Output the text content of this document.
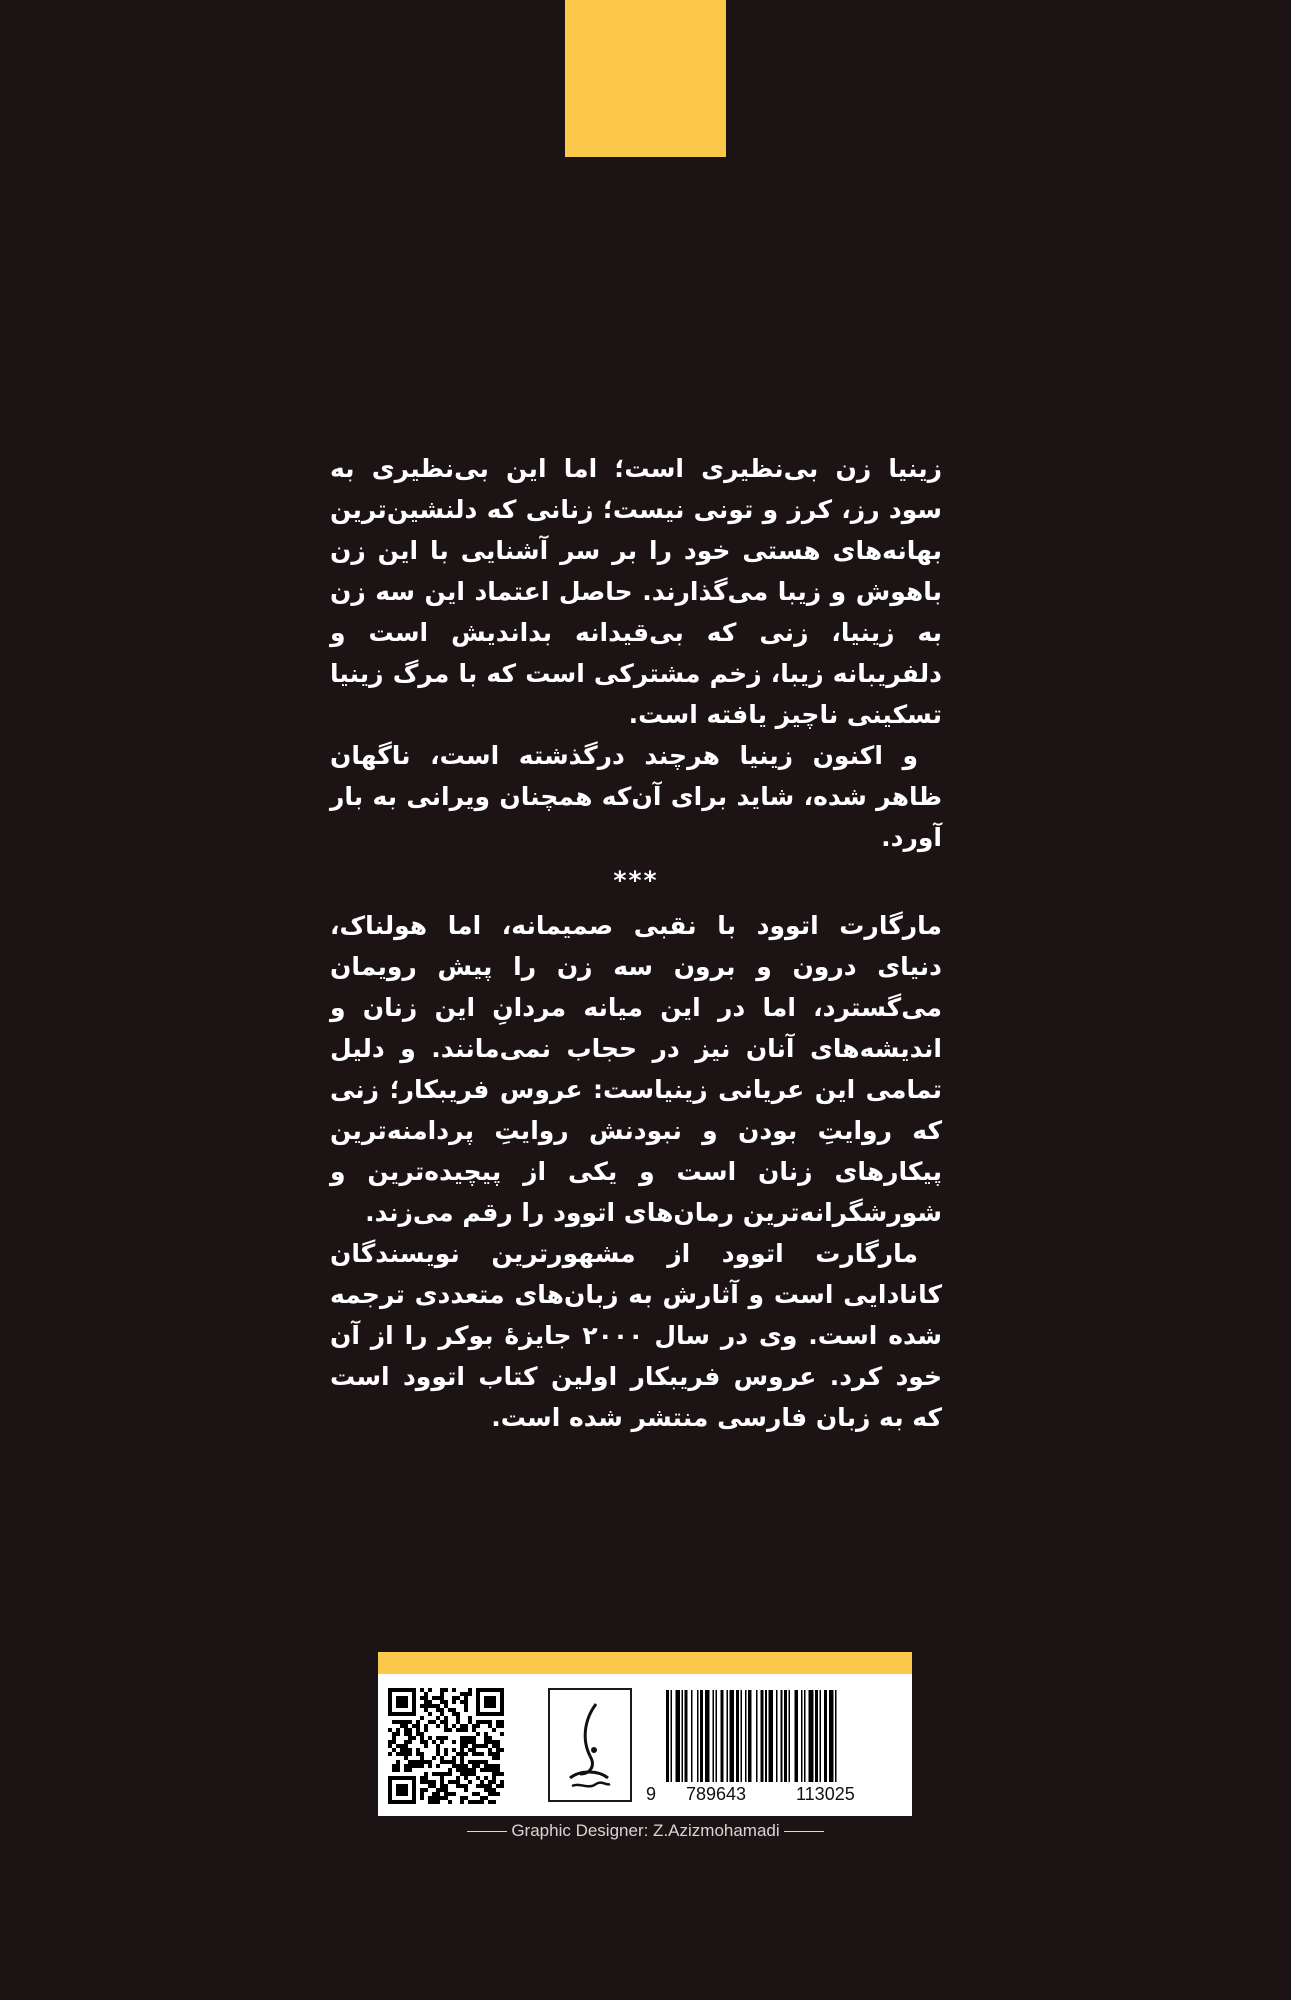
زینیا زن بی‌نظیری است؛ اما این بی‌نظیری به سود رز، کرز و تونی نیست؛ زنانی که دلنشین‌ترین بهانه‌های هستی خود را بر سر آشنایی با این زن باهوش و زیبا می‌گذارند. حاصل اعتماد این سه زن به زینیا، زنی که بی‌قیدانه بداندیش است و دلفریبانه زیبا، زخم مشترکی است که با مرگ زینیا تسکینی ناچیز یافته است.

و اکنون زینیا هرچند درگذشته است، ناگهان ظاهر شده، شاید برای آن‌که همچنان ویرانی به بار آورد.

***

مارگارت اتوود با نقبی صمیمانه، اما هولناک، دنیای درون و برون سه زن را پیش رویمان می‌گسترد، اما در این میانه مردانِ این زنان و اندیشه‌های آنان نیز در حجاب نمی‌مانند. و دلیل تمامی این عریانی زینیاست: عروس فریبکار؛ زنی که روایتِ بودن و نبودنش روایتِ پردامنه‌ترین پیکارهای زنان است و یکی از پیچیده‌ترین و شورشگرانه‌ترین رمان‌های اتوود را رقم می‌زند.

مارگارت اتوود از مشهورترین نویسندگان کانادایی است و آثارش به زبان‌های متعددی ترجمه شده است. وی در سال ۲۰۰۰ جایزهٔ بوکر را از آن خود کرد. عروس فریبکار اولین کتاب اتوود است که به زبان فارسی منتشر شده است.

9 789643	113025
Graphic Designer: Z.Azizmohamadi
